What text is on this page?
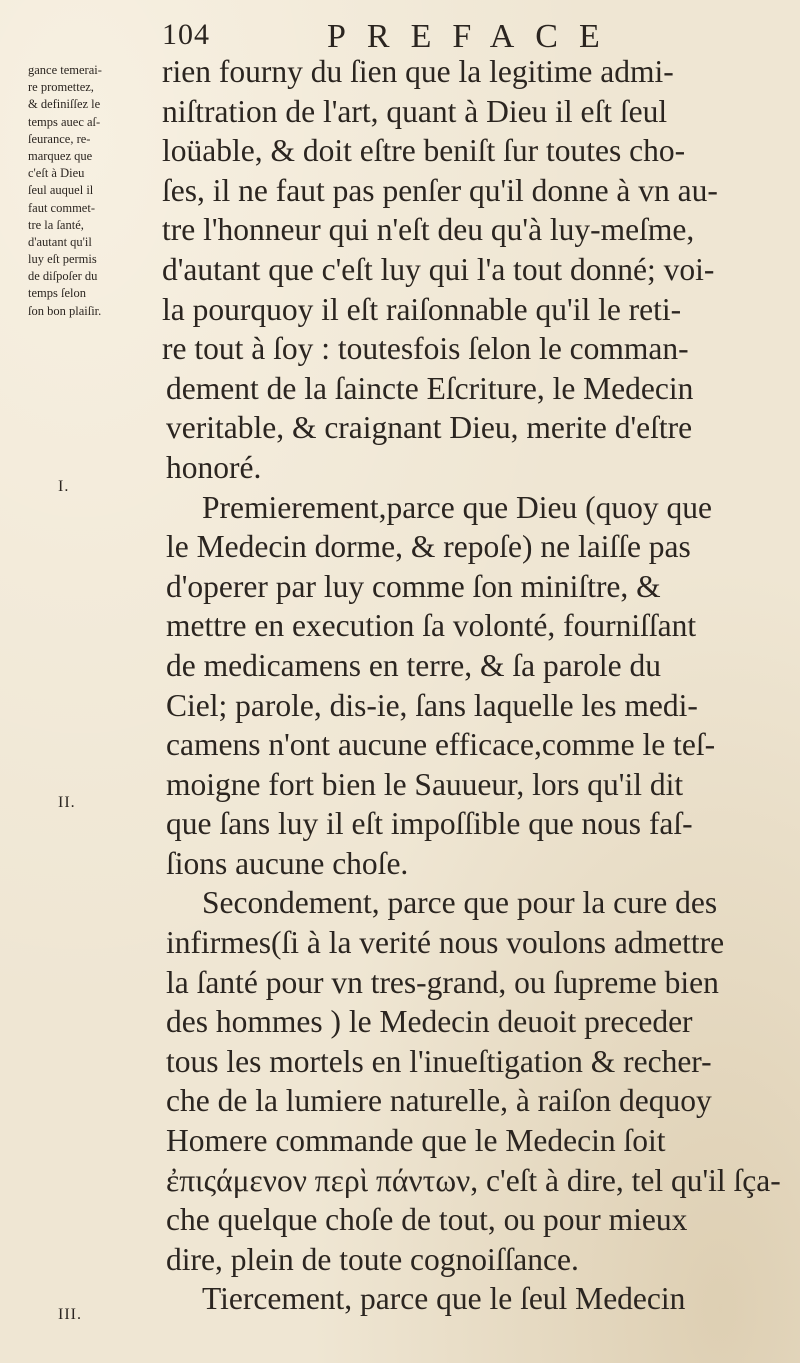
104	PREFACE
gance temerai-
re promettez,
& definiſſez le
temps auec aſ-
ſeurance, re-
marquez que
c'eſt à Dieu
ſeul auquel il
faut commet-
tre la ſanté,
d'autant qu'il
luy eſt permis
de diſpoſer du
temps ſelon
ſon bon plaiſir.
I.
II.
III.
rien fourny du ſien que la legitime admi-
niſtration de l'art, quant à Dieu il eſt ſeul
loüable, & doit eſtre beniſt ſur toutes cho-
ſes, il ne faut pas penſer qu'il donne à vn au-
tre l'honneur qui n'eſt deu qu'à luy-meſme,
d'autant que c'eſt luy qui l'a tout donné; voi-
la pourquoy il eſt raiſonnable qu'il le reti-
re tout à ſoy : toutesfois ſelon le comman-
dement de la ſaincte Eſcriture, le Medecin
veritable, & craignant Dieu, merite d'eſtre
honoré.
Premierement,parce que Dieu (quoy que
le Medecin dorme, & repoſe) ne laiſſe pas
d'operer par luy comme ſon miniſtre, &
mettre en execution ſa volonté, fourniſſant
de medicamens en terre, & ſa parole du
Ciel; parole, dis-ie, ſans laquelle les medi-
camens n'ont aucune efficace,comme le teſ-
moigne fort bien le Sauueur, lors qu'il dit
que ſans luy il eſt impoſſible que nous faſ-
ſions aucune choſe.
Secondement, parce que pour la cure des
infirmes(ſi à la verité nous voulons admettre
la ſanté pour vn tres-grand, ou ſupreme bien
des hommes ) le Medecin deuoit preceder
tous les mortels en l'inueſtigation & recher-
che de la lumiere naturelle, à raiſon dequoy
Homere commande que le Medecin ſoit
ἐπιςάμενον περὶ πάντων, c'eſt à dire, tel qu'il ſça-
che quelque choſe de tout, ou pour mieux
dire, plein de toute cognoiſſance.
Tiercement, parce que le ſeul Medecin
